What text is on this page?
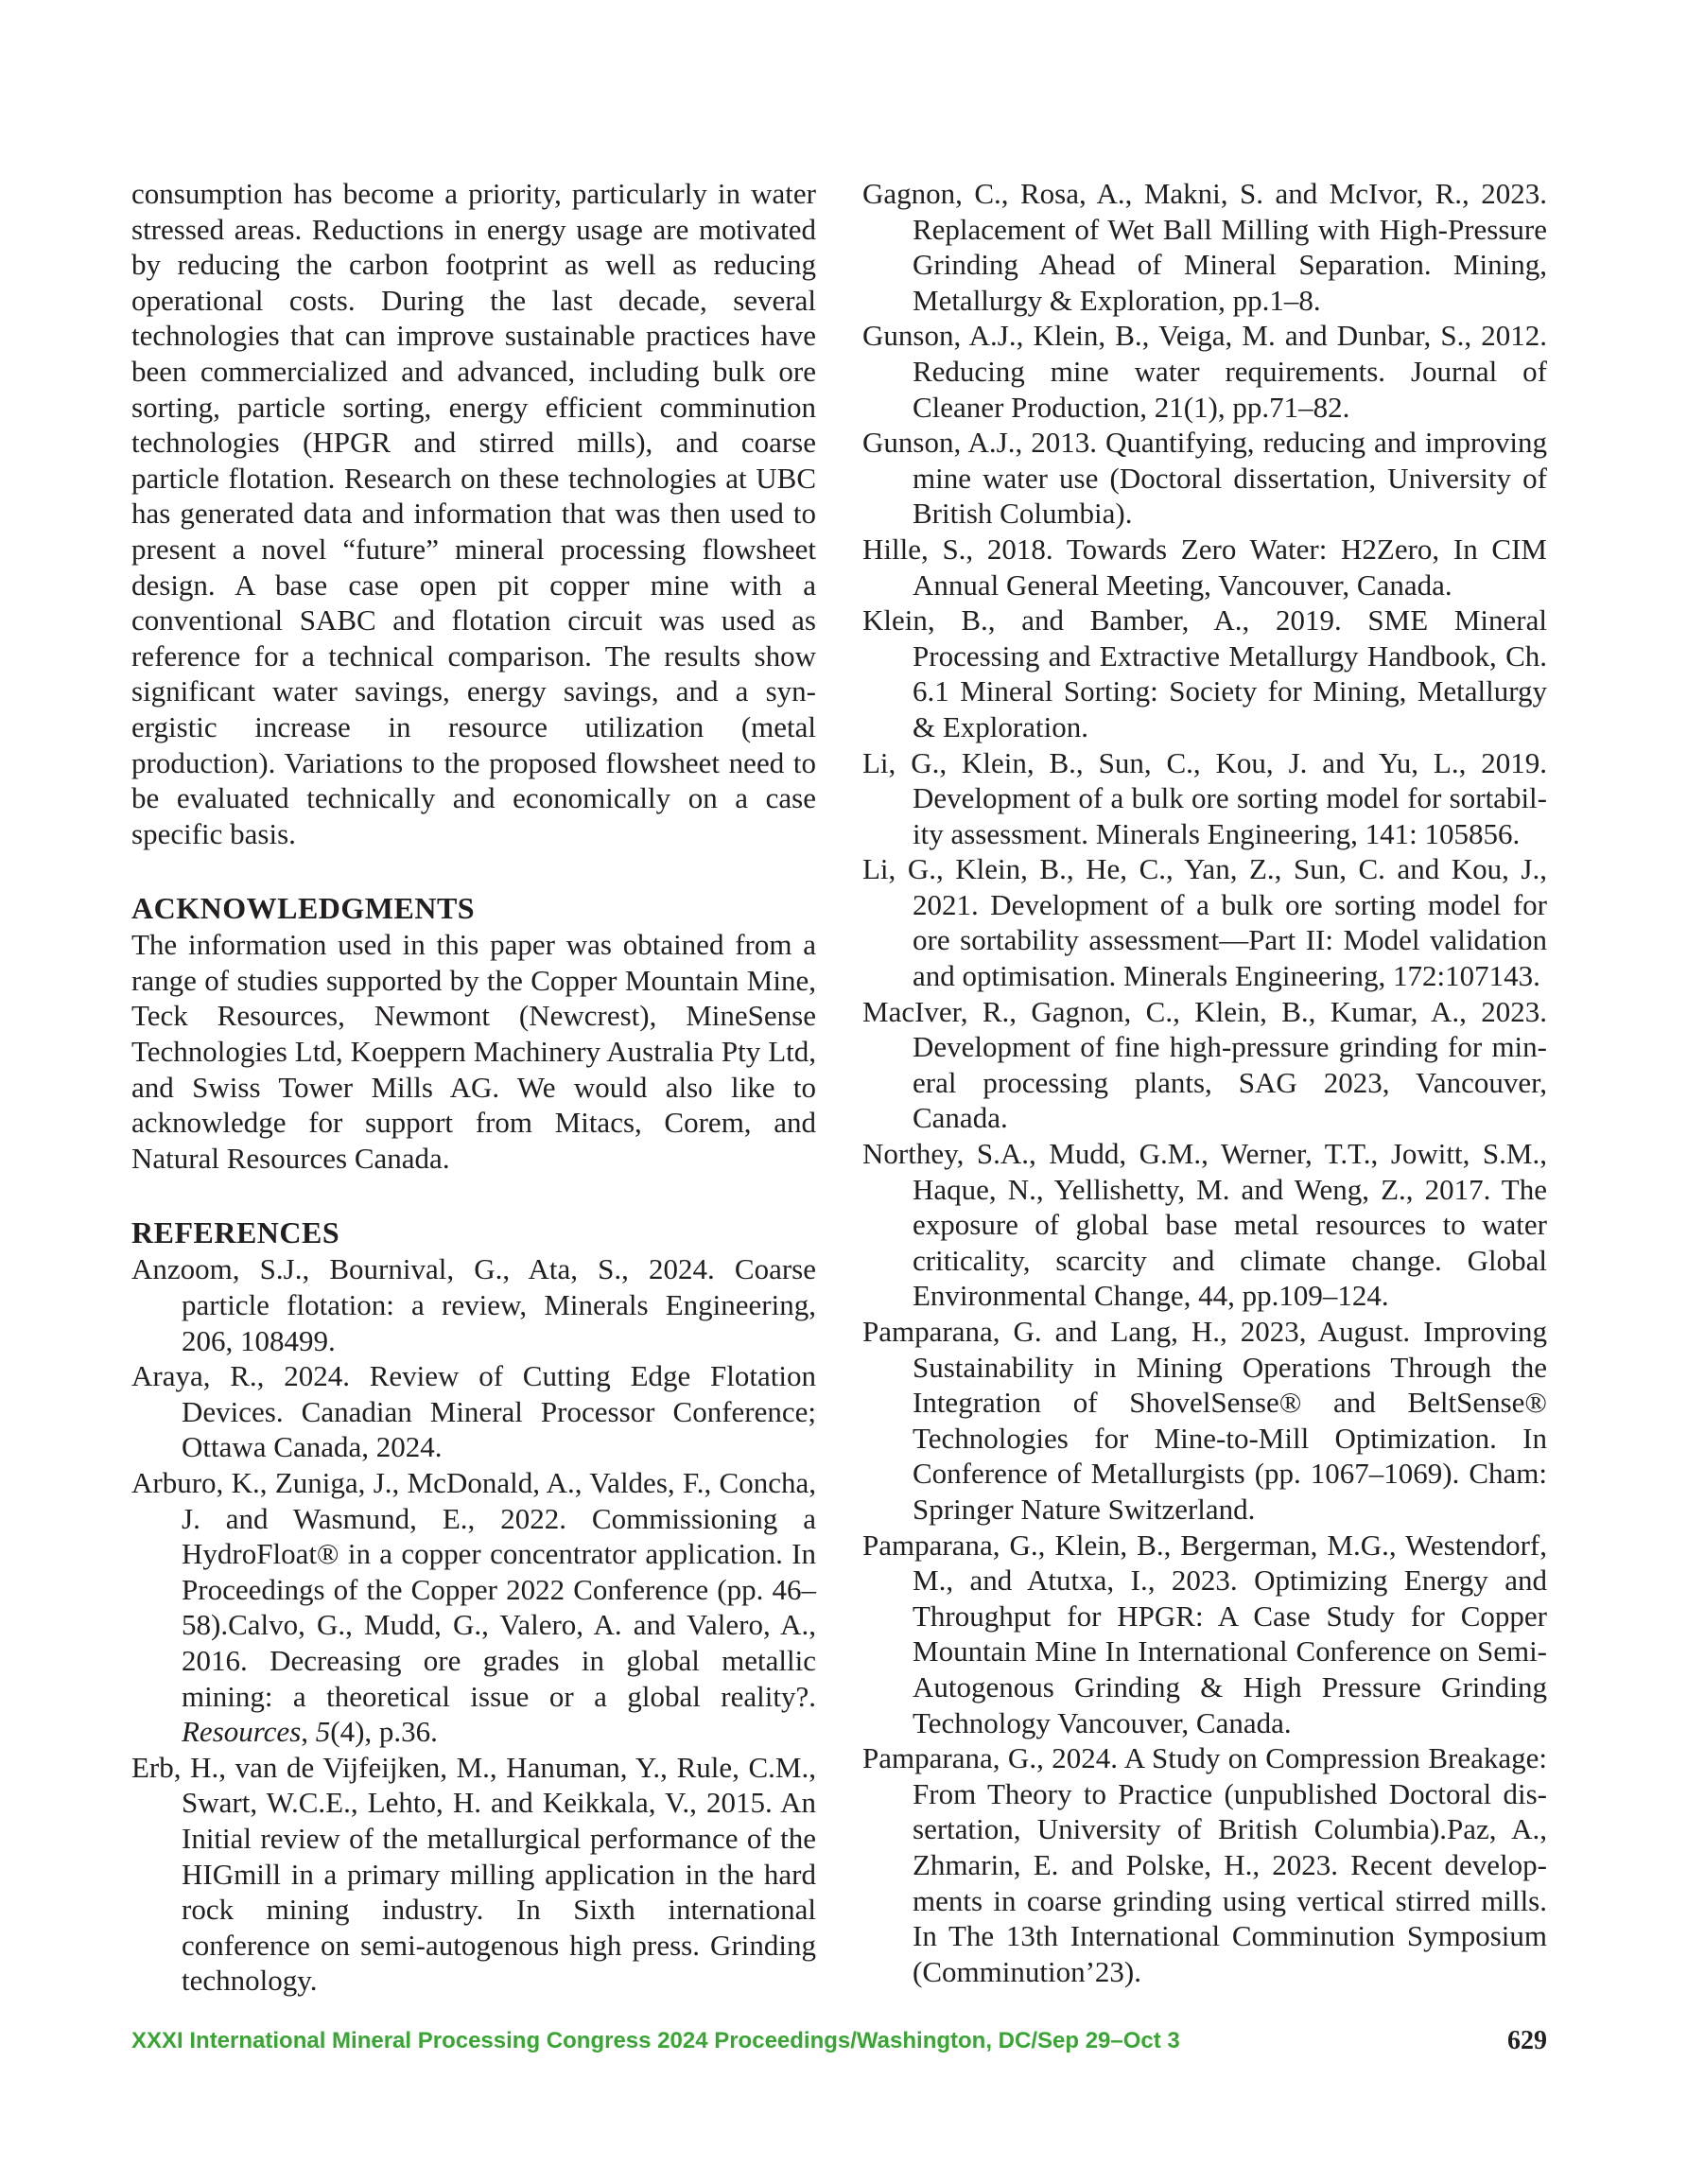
consumption has become a priority, particularly in water stressed areas. Reductions in energy usage are motivated by reducing the carbon footprint as well as reducing operational costs. During the last decade, several technologies that can improve sustainable practices have been commercialized and advanced, including bulk ore sorting, particle sorting, energy efficient comminution technologies (HPGR and stirred mills), and coarse particle flotation. Research on these technologies at UBC has generated data and information that was then used to present a novel “future” mineral processing flowsheet design. A base case open pit copper mine with a conventional SABC and flotation circuit was used as reference for a technical comparison. The results show significant water savings, energy savings, and a synergistic increase in resource utilization (metal production). Variations to the proposed flowsheet need to be evaluated technically and economically on a case specific basis.

ACKNOWLEDGMENTS

The information used in this paper was obtained from a range of studies supported by the Copper Mountain Mine, Teck Resources, Newmont (Newcrest), MineSense Technologies Ltd, Koeppern Machinery Australia Pty Ltd, and Swiss Tower Mills AG. We would also like to acknowledge for support from Mitacs, Corem, and Natural Resources Canada.

REFERENCES

Anzoom, S.J., Bournival, G., Ata, S., 2024. Coarse particle flotation: a review, Minerals Engineering, 206, 108499.

Araya, R., 2024. Review of Cutting Edge Flotation Devices. Canadian Mineral Processor Conference; Ottawa Canada, 2024.

Arburo, K., Zuniga, J., McDonald, A., Valdes, F., Concha, J. and Wasmund, E., 2022. Commissioning a HydroFloat® in a copper concentrator application. In Proceedings of the Copper 2022 Conference (pp. 46–58).Calvo, G., Mudd, G., Valero, A. and Valero, A., 2016. Decreasing ore grades in global metallic mining: a theoretical issue or a global reality?. Resources, 5(4), p.36.

Erb, H., van de Vijfeijken, M., Hanuman, Y., Rule, C.M., Swart, W.C.E., Lehto, H. and Keikkala, V., 2015. An Initial review of the metallurgical performance of the HIGmill in a primary milling application in the hard rock mining industry. In Sixth international conference on semi-autogenous high press. Grinding technology.

Gagnon, C., Rosa, A., Makni, S. and McIvor, R., 2023. Replacement of Wet Ball Milling with High-Pressure Grinding Ahead of Mineral Separation. Mining, Metallurgy & Exploration, pp.1–8.

Gunson, A.J., Klein, B., Veiga, M. and Dunbar, S., 2012. Reducing mine water requirements. Journal of Cleaner Production, 21(1), pp.71–82.

Gunson, A.J., 2013. Quantifying, reducing and improving mine water use (Doctoral dissertation, University of British Columbia).

Hille, S., 2018. Towards Zero Water: H2Zero, In CIM Annual General Meeting, Vancouver, Canada.

Klein, B., and Bamber, A., 2019. SME Mineral Processing and Extractive Metallurgy Handbook, Ch. 6.1 Mineral Sorting: Society for Mining, Metallurgy & Exploration.

Li, G., Klein, B., Sun, C., Kou, J. and Yu, L., 2019. Development of a bulk ore sorting model for sortability assessment. Minerals Engineering, 141: 105856.

Li, G., Klein, B., He, C., Yan, Z., Sun, C. and Kou, J., 2021. Development of a bulk ore sorting model for ore sortability assessment—Part II: Model validation and optimisation. Minerals Engineering, 172:107143.

MacIver, R., Gagnon, C., Klein, B., Kumar, A., 2023. Development of fine high-pressure grinding for mineral processing plants, SAG 2023, Vancouver, Canada.

Northey, S.A., Mudd, G.M., Werner, T.T., Jowitt, S.M., Haque, N., Yellishetty, M. and Weng, Z., 2017. The exposure of global base metal resources to water criticality, scarcity and climate change. Global Environmental Change, 44, pp.109–124.

Pamparana, G. and Lang, H., 2023, August. Improving Sustainability in Mining Operations Through the Integration of ShovelSense® and BeltSense® Technologies for Mine-to-Mill Optimization. In Conference of Metallurgists (pp. 1067–1069). Cham: Springer Nature Switzerland.

Pamparana, G., Klein, B., Bergerman, M.G., Westendorf, M., and Atutxa, I., 2023. Optimizing Energy and Throughput for HPGR: A Case Study for Copper Mountain Mine In International Conference on Semi-Autogenous Grinding & High Pressure Grinding Technology Vancouver, Canada.

Pamparana, G., 2024. A Study on Compression Breakage: From Theory to Practice (unpublished Doctoral dissertation, University of British Columbia).Paz, A., Zhmarin, E. and Polske, H., 2023. Recent developments in coarse grinding using vertical stirred mills. In The 13th International Comminution Symposium (Comminution’23).

XXXI International Mineral Processing Congress 2024 Proceedings/Washington, DC/Sep 29–Oct 3	629
